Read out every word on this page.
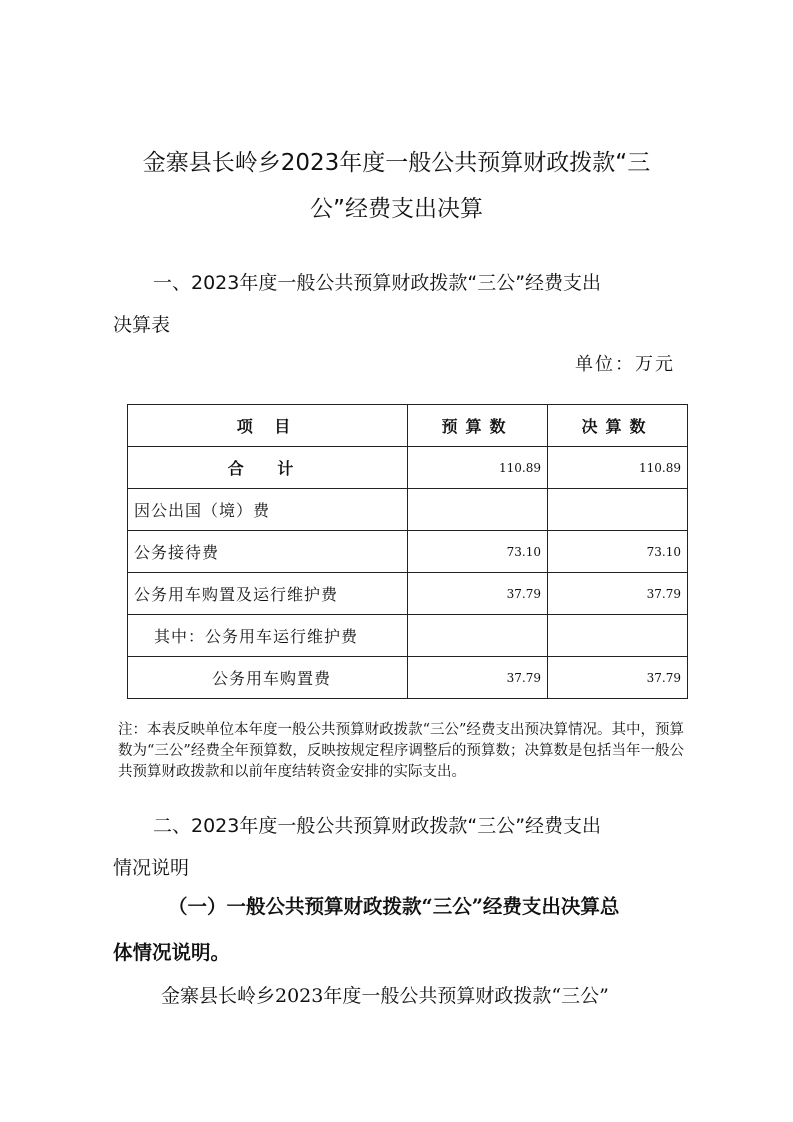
金寨县长岭乡2023年度一般公共预算财政拨款“三
公”经费支出决算
一、2023年度一般公共预算财政拨款“三公”经费支出
决算表
单位：万元
项 目	预算数	决算数
合 计	110.89	110.89
因公出国（境）费		
公务接待费	73.10	73.10
公务用车购置及运行维护费	37.79	37.79
其中：公务用车运行维护费		
公务用车购置费	37.79	37.79
注：本表反映单位本年度一般公共预算财政拨款“三公”经费支出预决算情况。其中，预算数为“三公”经费全年预算数，反映按规定程序调整后的预算数；决算数是包括当年一般公共预算财政拨款和以前年度结转资金安排的实际支出。
二、2023年度一般公共预算财政拨款“三公”经费支出
情况说明
（一）一般公共预算财政拨款“三公”经费支出决算总
体情况说明。
金寨县长岭乡2023年度一般公共预算财政拨款“三公”
